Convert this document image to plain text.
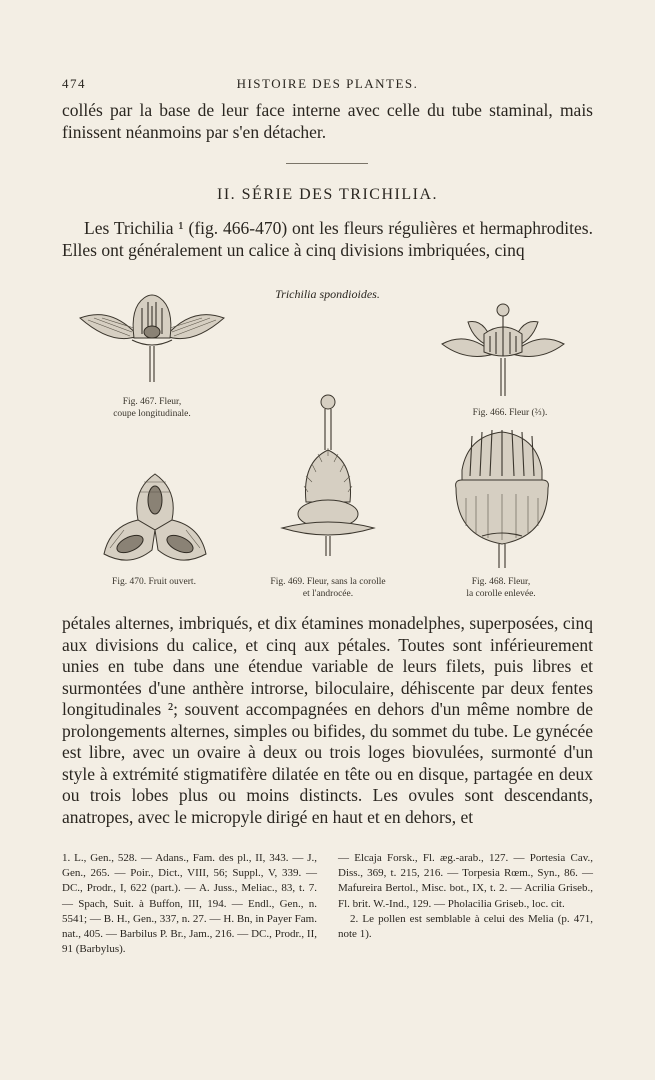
474	HISTOIRE DES PLANTES.

collés par la base de leur face interne avec celle du tube staminal, mais finissent néanmoins par s'en détacher.

II. SÉRIE DES TRICHILIA.

Les Trichilia ¹ (fig. 466-470) ont les fleurs régulières et hermaphrodites. Elles ont généralement un calice à cinq divisions imbriquées, cinq

Trichilia spondioides.
Fig. 467. Fleur,
coupe longitudinale.	Fig. 466. Fleur (⅔).
Fig. 470. Fruit ouvert.	Fig. 469. Fleur, sans la corolle
et l'androcée.
Fig. 468. Fleur,
la corolle enlevée.

pétales alternes, imbriqués, et dix étamines monadelphes, superposées, cinq aux divisions du calice, et cinq aux pétales. Toutes sont inférieurement unies en tube dans une étendue variable de leurs filets, puis libres et surmontées d'une anthère introrse, biloculaire, déhiscente par deux fentes longitudinales ²; souvent accompagnées en dehors d'un même nombre de prolongements alternes, simples ou bifides, du sommet du tube. Le gynécée est libre, avec un ovaire à deux ou trois loges biovulées, surmonté d'un style à extrémité stigmatifère dilatée en tête ou en disque, partagée en deux ou trois lobes plus ou moins distincts. Les ovules sont descendants, anatropes, avec le micropyle dirigé en haut et en dehors, et

1. L., Gen., 528. — Adans., Fam. des pl., II, 343. — J., Gen., 265. — Poir., Dict., VIII, 56; Suppl., V, 339. — DC., Prodr., I, 622 (part.). — A. Juss., Meliac., 83, t. 7. — Spach, Suit. à Buffon, III, 194. — Endl., Gen., n. 5541; — B. H., Gen., 337, n. 27. — H. Bn, in Payer Fam. nat., 405. — Barbilus P. Br., Jam., 216. — DC., Prodr., II, 91 (Barbylus).
— Elcaja Forsk., Fl. æg.-arab., 127. — Portesia Cav., Diss., 369, t. 215, 216. — Torpesia Rœm., Syn., 86. — Mafureira Bertol., Misc. bot., IX, t. 2. — Acrilia Griseb., Fl. brit. W.-Ind., 129. — Pholacilia Griseb., loc. cit.
2. Le pollen est semblable à celui des Melia (p. 471, note 1).
